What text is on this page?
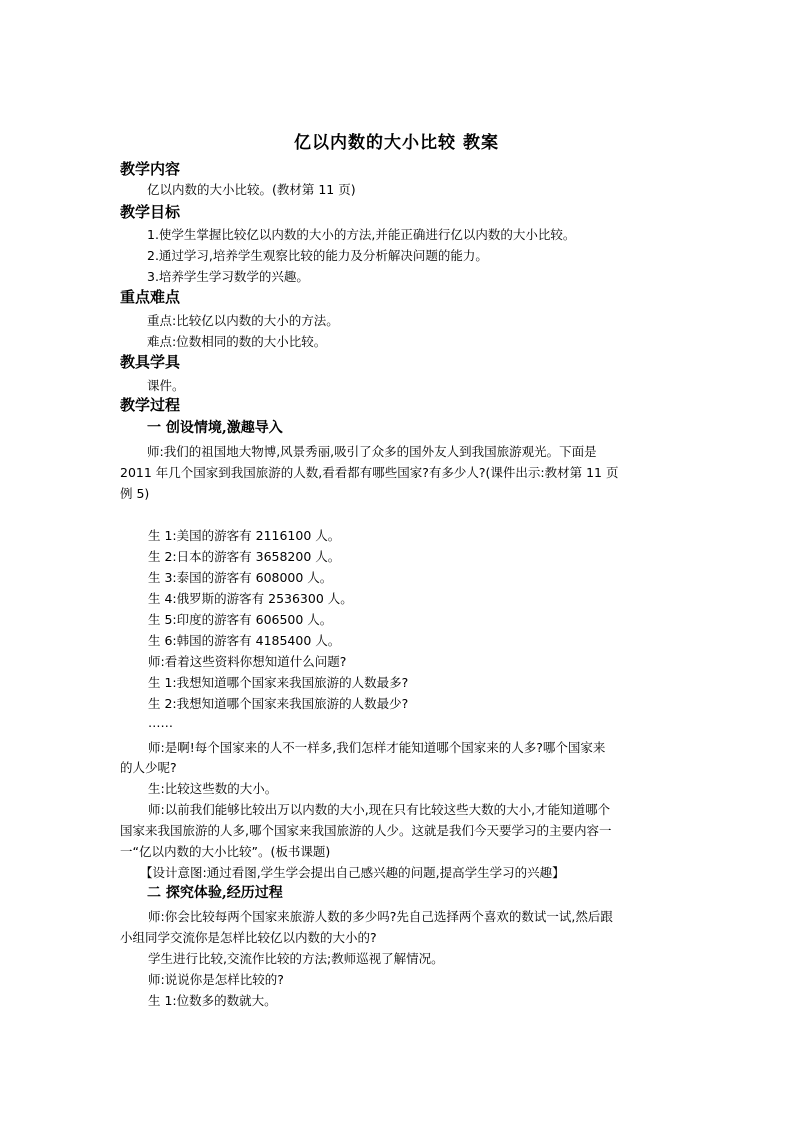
亿以内数的大小比较 教案
教学内容
亿以内数的大小比较。(教材第 11 页)
教学目标
1.使学生掌握比较亿以内数的大小的方法,并能正确进行亿以内数的大小比较。
2.通过学习,培养学生观察比较的能力及分析解决问题的能力。
3.培养学生学习数学的兴趣。
重点难点
重点:比较亿以内数的大小的方法。
难点:位数相同的数的大小比较。
教具学具
课件。
教学过程
一 创设情境,激趣导入
师:我们的祖国地大物博,风景秀丽,吸引了众多的国外友人到我国旅游观光。下面是
2011 年几个国家到我国旅游的人数,看看都有哪些国家?有多少人?(课件出示:教材第 11 页
例 5)
生 1:美国的游客有 2116100 人。
生 2:日本的游客有 3658200 人。
生 3:泰国的游客有 608000 人。
生 4:俄罗斯的游客有 2536300 人。
生 5:印度的游客有 606500 人。
生 6:韩国的游客有 4185400 人。
师:看着这些资料你想知道什么问题?
生 1:我想知道哪个国家来我国旅游的人数最多?
生 2:我想知道哪个国家来我国旅游的人数最少?
……
师:是啊!每个国家来的人不一样多,我们怎样才能知道哪个国家来的人多?哪个国家来
的人少呢?
生:比较这些数的大小。
师:以前我们能够比较出万以内数的大小,现在只有比较这些大数的大小,才能知道哪个
国家来我国旅游的人多,哪个国家来我国旅游的人少。这就是我们今天要学习的主要内容一
一“亿以内数的大小比较”。(板书课题)
【设计意图:通过看图,学生学会提出自己感兴趣的问题,提高学生学习的兴趣】
二 探究体验,经历过程
师:你会比较每两个国家来旅游人数的多少吗?先自己选择两个喜欢的数试一试,然后跟
小组同学交流你是怎样比较亿以内数的大小的?
学生进行比较,交流作比较的方法;教师巡视了解情况。
师:说说你是怎样比较的?
生 1:位数多的数就大。
